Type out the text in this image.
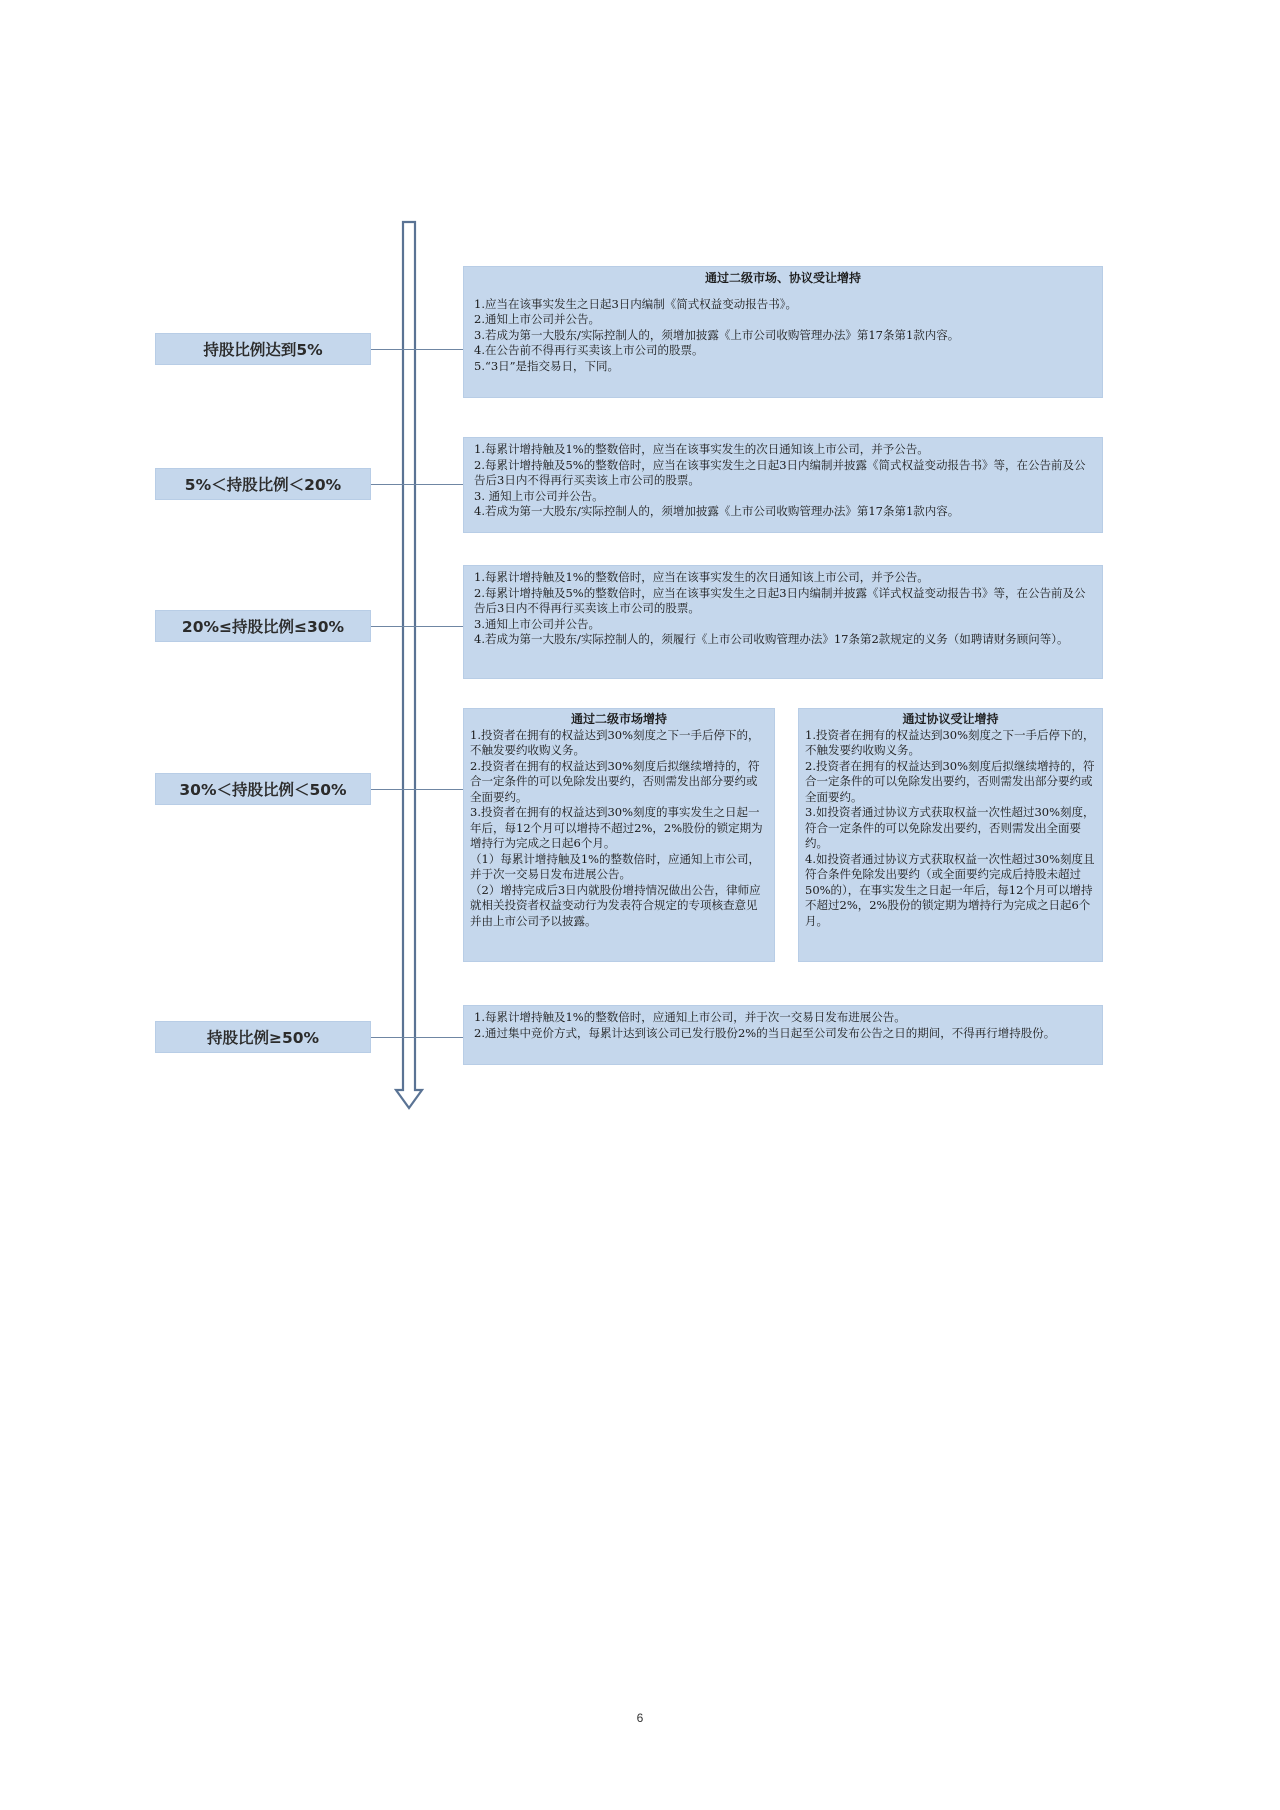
持股比例达到5%
通过二级市场、协议受让增持
1.应当在该事实发生之日起3日内编制《简式权益变动报告书》。
2.通知上市公司并公告。
3.若成为第一大股东/实际控制人的，须增加披露《上市公司收购管理办法》第17条第1款内容。
4.在公告前不得再行买卖该上市公司的股票。
5.“3日”是指交易日，下同。
5%＜持股比例＜20%
1.每累计增持触及1%的整数倍时，应当在该事实发生的次日通知该上市公司，并予公告。
2.每累计增持触及5%的整数倍时，应当在该事实发生之日起3日内编制并披露《简式权益变动报告书》等，在公告前及公告后3日内不得再行买卖该上市公司的股票。
3. 通知上市公司并公告。
4.若成为第一大股东/实际控制人的，须增加披露《上市公司收购管理办法》第17条第1款内容。
20%≤持股比例≤30%
1.每累计增持触及1%的整数倍时，应当在该事实发生的次日通知该上市公司，并予公告。
2.每累计增持触及5%的整数倍时，应当在该事实发生之日起3日内编制并披露《详式权益变动报告书》等，在公告前及公告后3日内不得再行买卖该上市公司的股票。
3.通知上市公司并公告。
4.若成为第一大股东/实际控制人的，须履行《上市公司收购管理办法》17条第2款规定的义务（如聘请财务顾问等）。
30%＜持股比例＜50%
通过二级市场增持
1.投资者在拥有的权益达到30%刻度之下一手后停下的，不触发要约收购义务。
2.投资者在拥有的权益达到30%刻度后拟继续增持的，符合一定条件的可以免除发出要约，否则需发出部分要约或全面要约。
3.投资者在拥有的权益达到30%刻度的事实发生之日起一年后，每12个月可以增持不超过2%，2%股份的锁定期为增持行为完成之日起6个月。
（1）每累计增持触及1%的整数倍时，应通知上市公司，并于次一交易日发布进展公告。
（2）增持完成后3日内就股份增持情况做出公告，律师应就相关投资者权益变动行为发表符合规定的专项核查意见并由上市公司予以披露。
通过协议受让增持
1.投资者在拥有的权益达到30%刻度之下一手后停下的，不触发要约收购义务。
2.投资者在拥有的权益达到30%刻度后拟继续增持的，符合一定条件的可以免除发出要约，否则需发出部分要约或全面要约。
3.如投资者通过协议方式获取权益一次性超过30%刻度，符合一定条件的可以免除发出要约，否则需发出全面要约。
4.如投资者通过协议方式获取权益一次性超过30%刻度且符合条件免除发出要约（或全面要约完成后持股未超过50%的），在事实发生之日起一年后，每12个月可以增持不超过2%，2%股份的锁定期为增持行为完成之日起6个月。
持股比例≥50%
1.每累计增持触及1%的整数倍时，应通知上市公司，并于次一交易日发布进展公告。
2.通过集中竞价方式，每累计达到该公司已发行股份2%的当日起至公司发布公告之日的期间，不得再行增持股份。
6
